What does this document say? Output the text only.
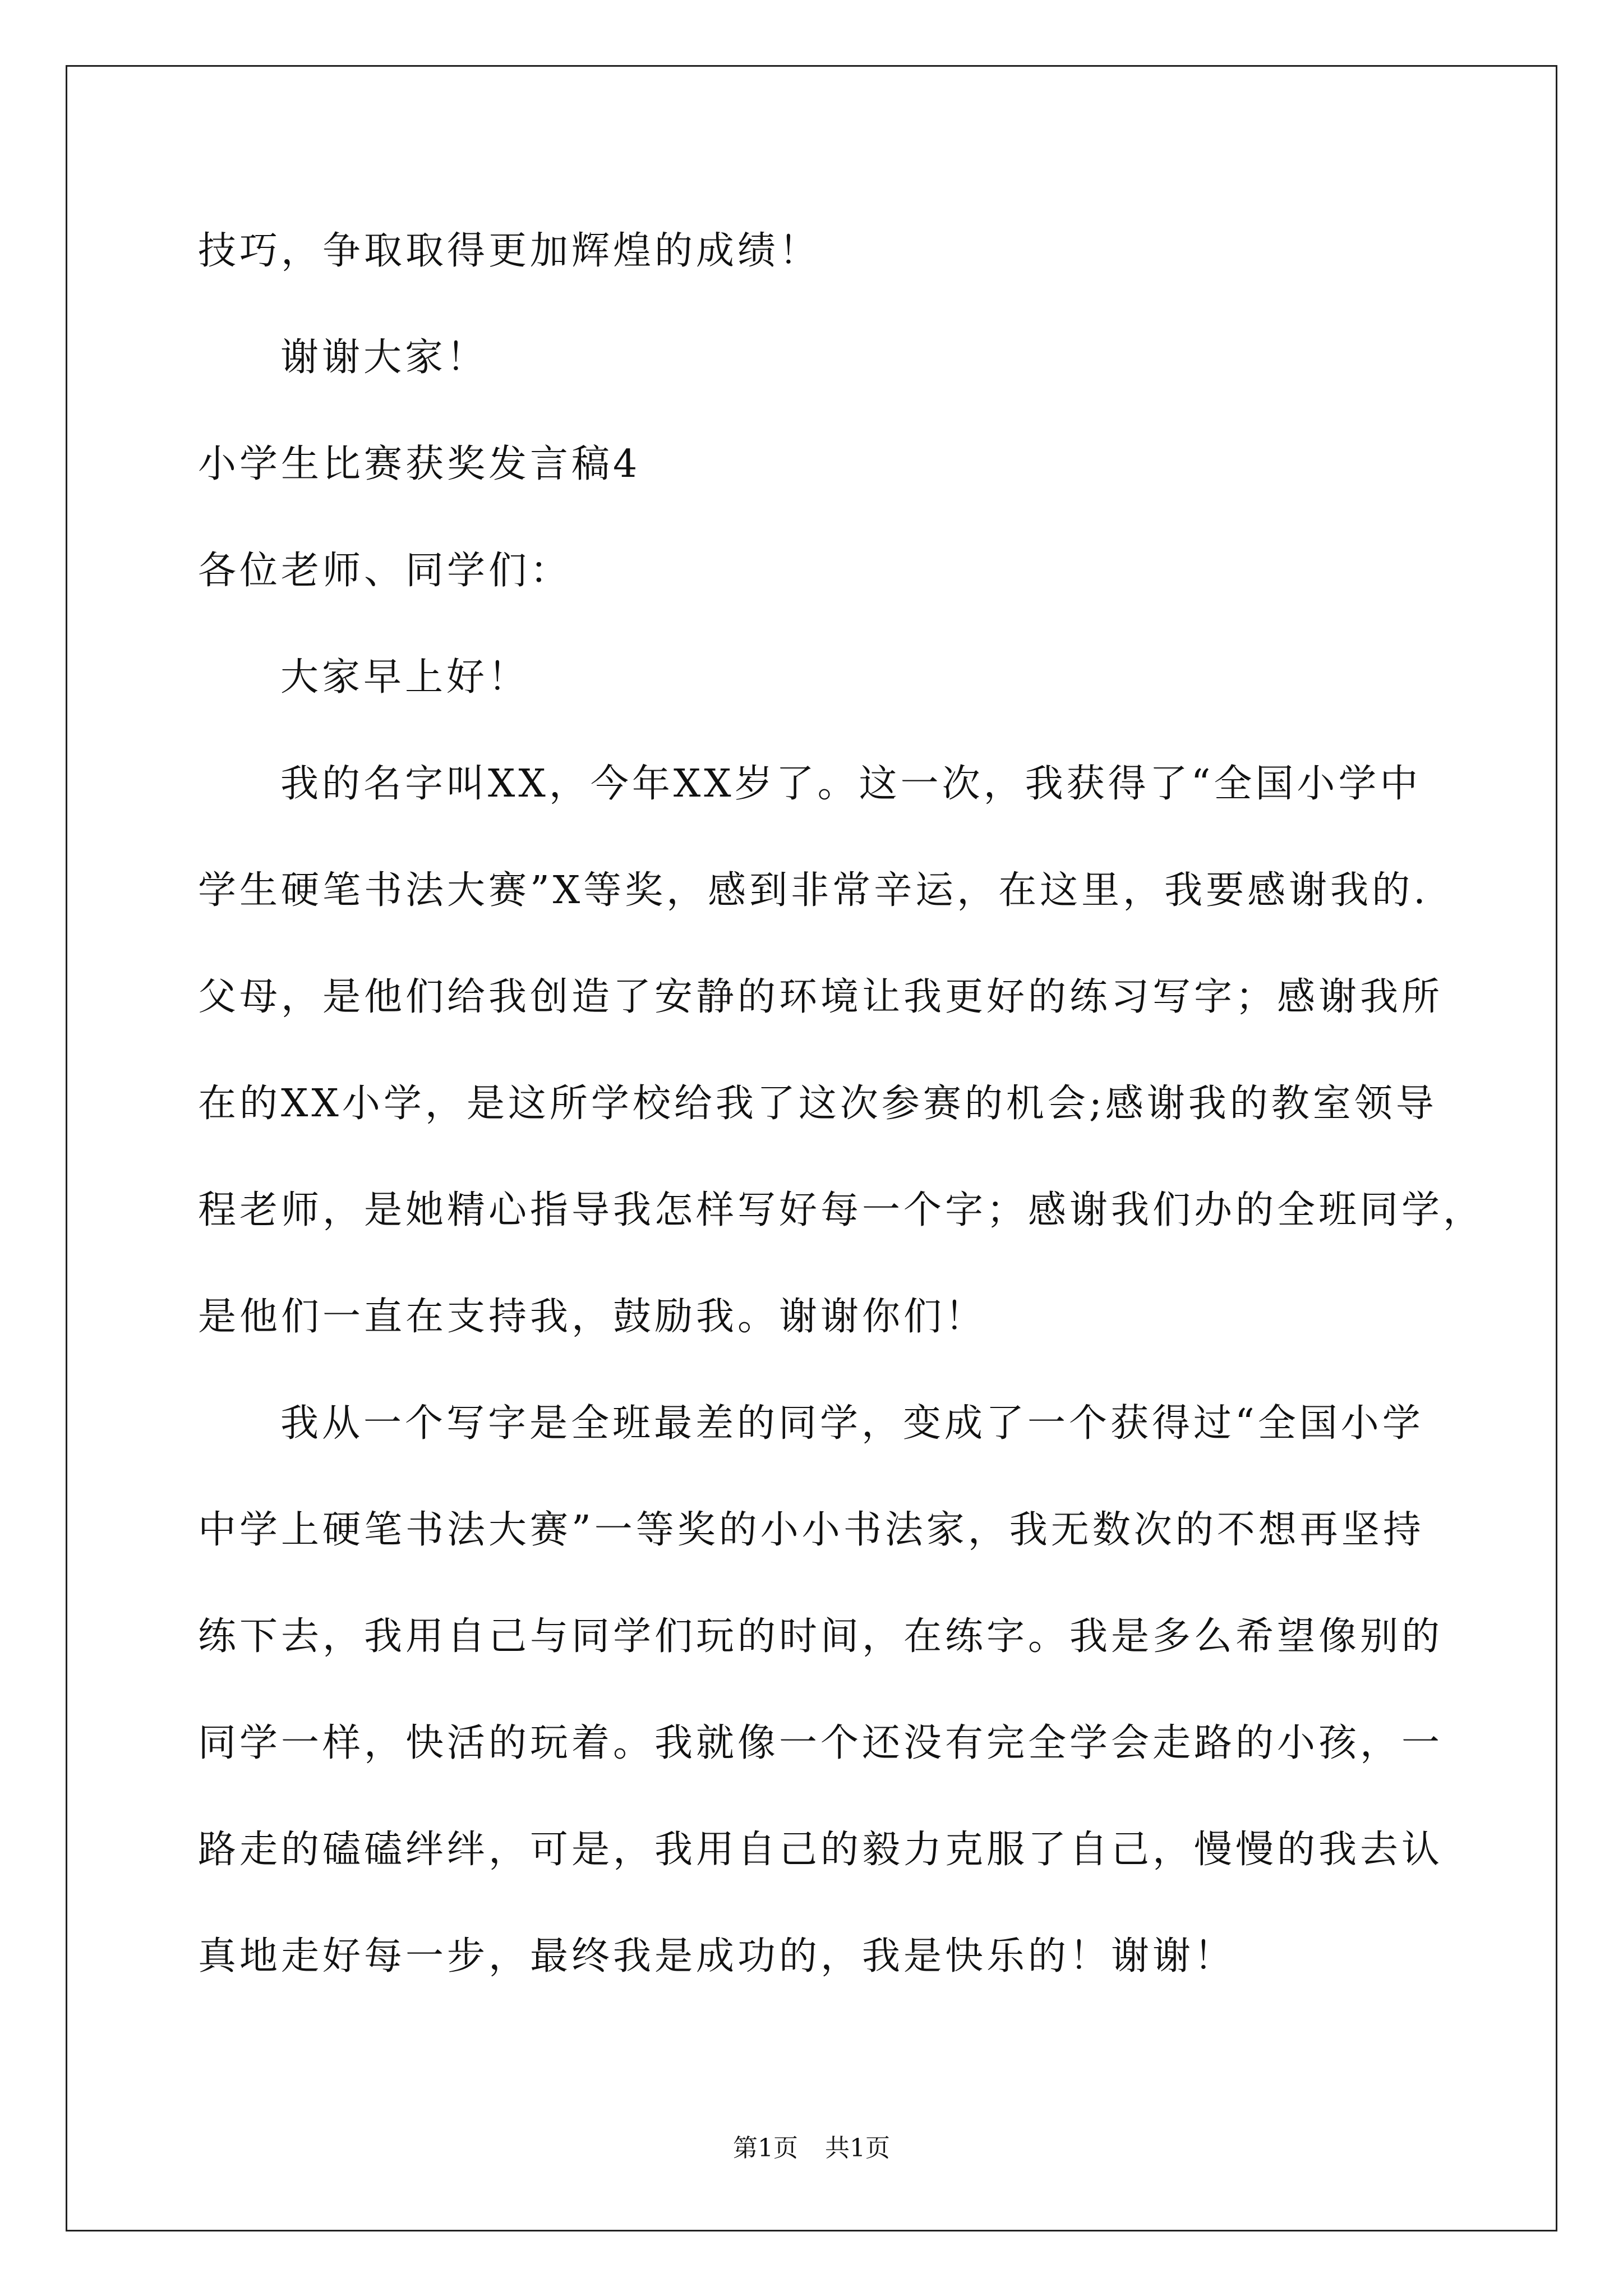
技巧，争取取得更加辉煌的成绩！

谢谢大家！

小学生比赛获奖发言稿4

各位老师、同学们：

大家早上好！

我的名字叫XX，今年XX岁了。这一次，我获得了“全国小学中

学生硬笔书法大赛”X等奖，感到非常辛运，在这里，我要感谢我的.

父母，是他们给我创造了安静的环境让我更好的练习写字；感谢我所

在的XX小学，是这所学校给我了这次参赛的机会;感谢我的教室领导

程老师，是她精心指导我怎样写好每一个字；感谢我们办的全班同学，

是他们一直在支持我，鼓励我。谢谢你们！

我从一个写字是全班最差的同学，变成了一个获得过“全国小学

中学上硬笔书法大赛”一等奖的小小书法家，我无数次的不想再坚持

练下去，我用自己与同学们玩的时间，在练字。我是多么希望像别的

同学一样，快活的玩着。我就像一个还没有完全学会走路的小孩，一

路走的磕磕绊绊，可是，我用自己的毅力克服了自己，慢慢的我去认

真地走好每一步，最终我是成功的，我是快乐的！谢谢！

第1页 共1页
